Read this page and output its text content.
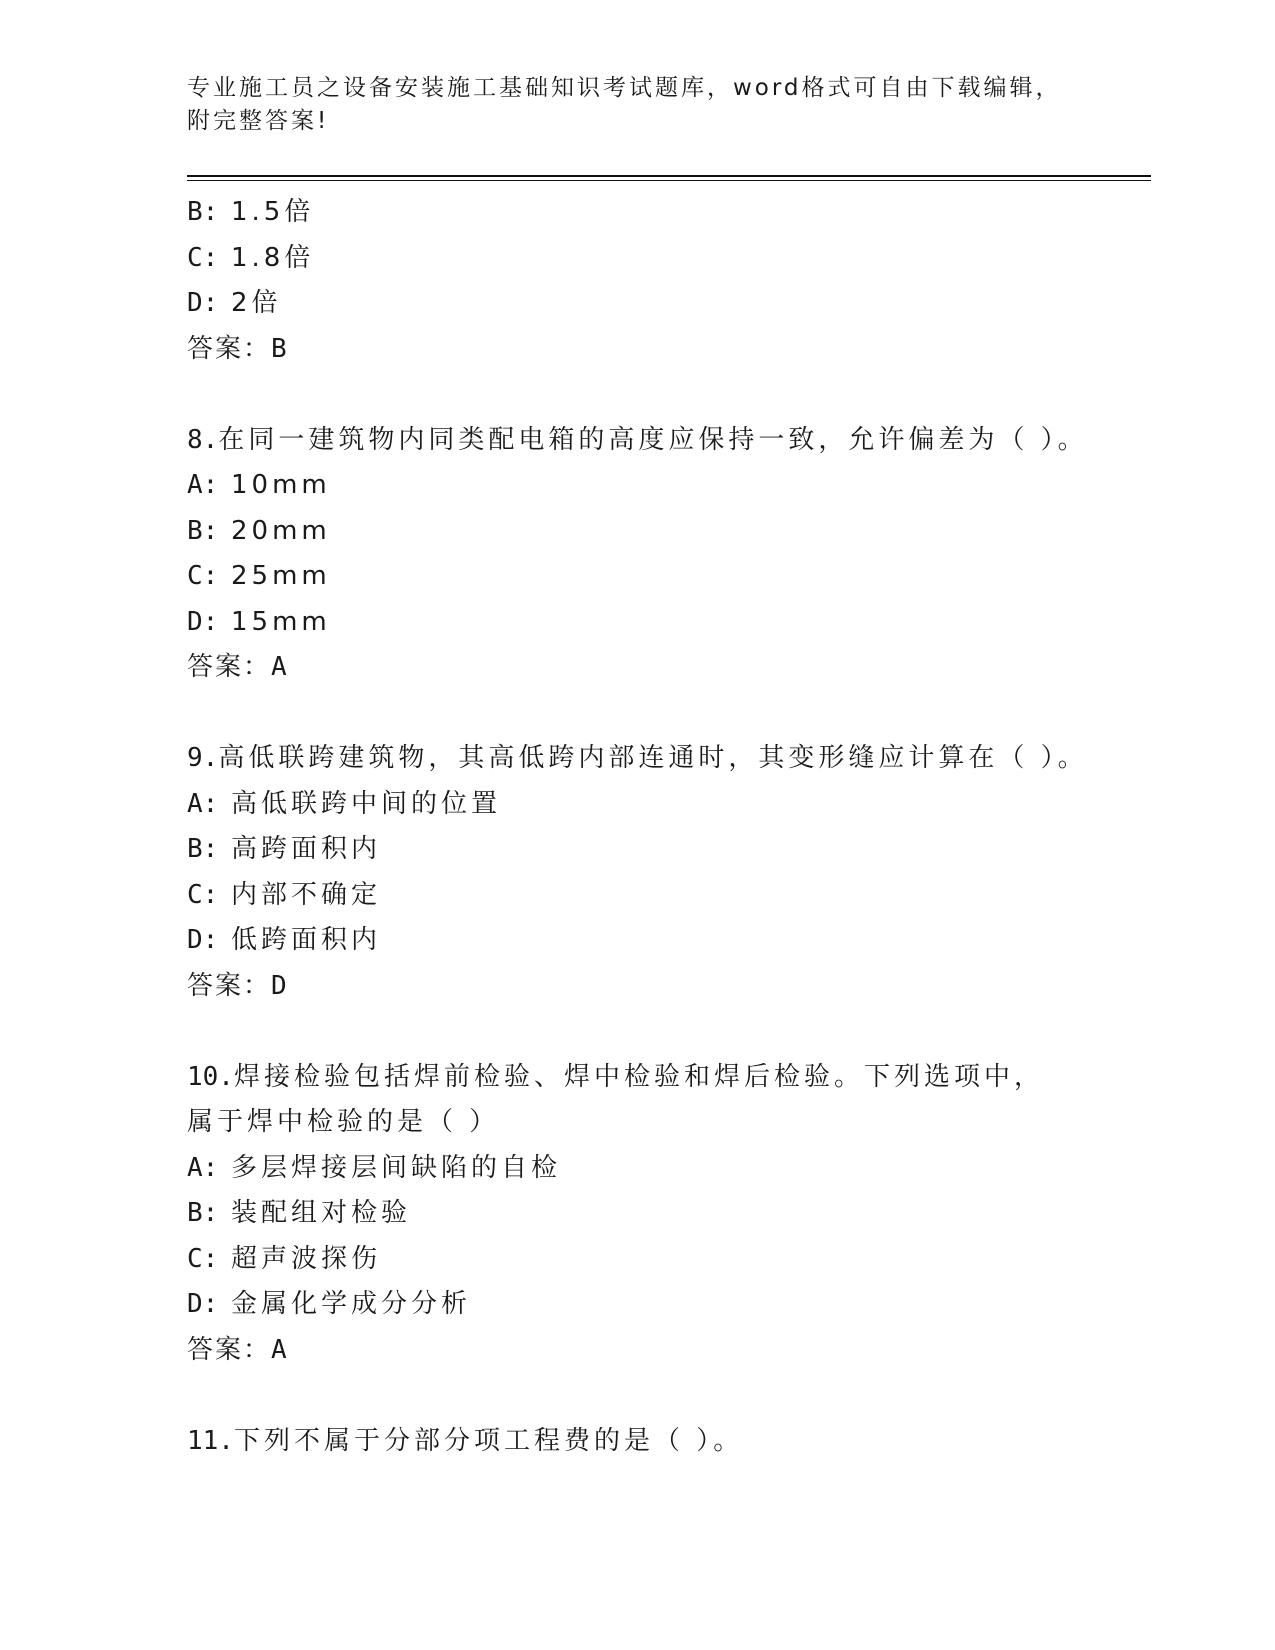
专业施工员之设备安装施工基础知识考试题库，word格式可自由下载编辑，附完整答案!
B: 1.5倍
C: 1.8倍
D: 2倍
答案：B
8.在同一建筑物内同类配电箱的高度应保持一致，允许偏差为（ ）。
A: 10mm
B: 20mm
C: 25mm
D: 15mm
答案：A
9.高低联跨建筑物，其高低跨内部连通时，其变形缝应计算在（ ）。
A: 高低联跨中间的位置
B: 高跨面积内
C: 内部不确定
D: 低跨面积内
答案：D
10.焊接检验包括焊前检验、焊中检验和焊后检验。下列选项中，属于焊中检验的是（ ）
A: 多层焊接层间缺陷的自检
B: 装配组对检验
C: 超声波探伤
D: 金属化学成分分析
答案：A
11.下列不属于分部分项工程费的是（ ）。
